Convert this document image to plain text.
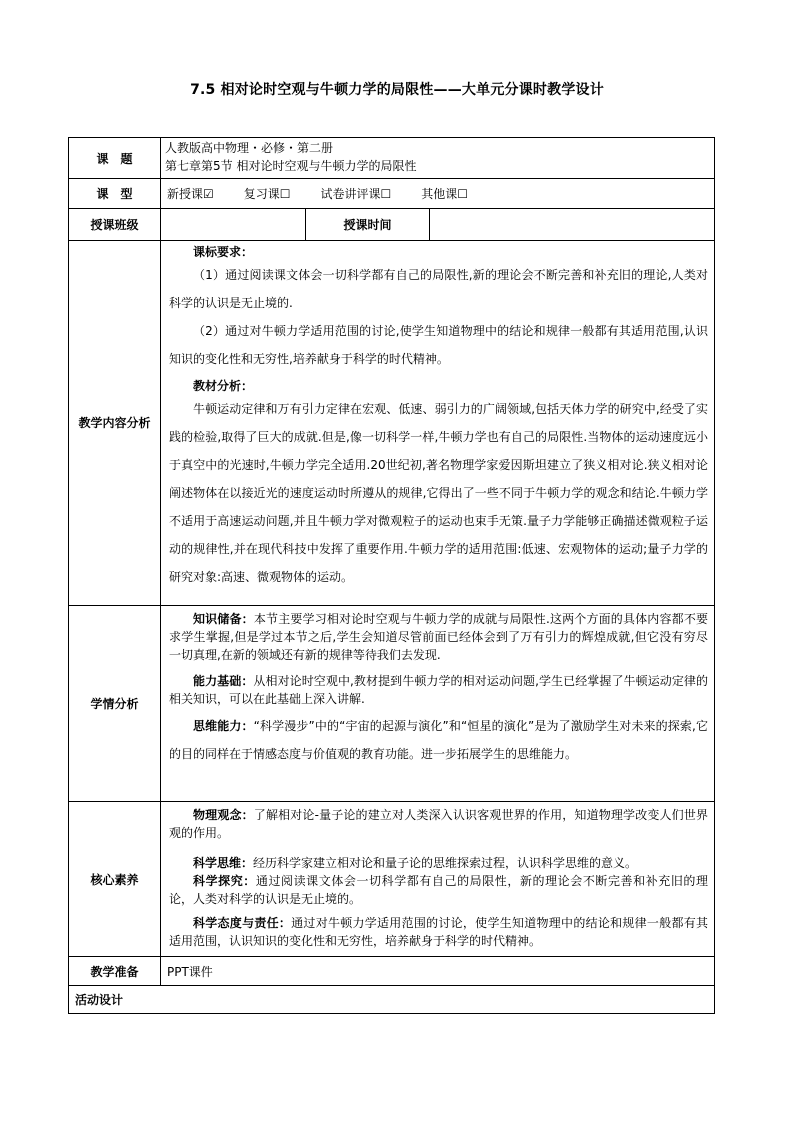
7.5 相对论时空观与牛顿力学的局限性——大单元分课时教学设计
课　题	人教版高中物理・必修・第二册
第七章第5节 相对论时空观与牛顿力学的局限性		

课　型	新授课☑ 复习课☐ 试卷讲评课☐ 其他课☐		
授课班级		授课时间	
教学内容分析	课标要求：

（1）通过阅读课文体会一切科学都有自己的局限性,新的理论会不断完善和补充旧的理论,人类对科学的认识是无止境的.

（2）通过对牛顿力学适用范围的讨论,使学生知道物理中的结论和规律一般都有其适用范围,认识知识的变化性和无穷性,培养献身于科学的时代精神。

教材分析：

牛顿运动定律和万有引力定律在宏观、低速、弱引力的广阔领域,包括天体力学的研究中,经受了实践的检验,取得了巨大的成就.但是,像一切科学一样,牛顿力学也有自己的局限性.当物体的运动速度远小于真空中的光速时,牛顿力学完全适用.20世纪初,著名物理学家爱因斯坦建立了狭义相对论.狭义相对论阐述物体在以接近光的速度运动时所遵从的规律,它得出了一些不同于牛顿力学的观念和结论.牛顿力学不适用于高速运动问题,并且牛顿力学对微观粒子的运动也束手无策.量子力学能够正确描述微观粒子运动的规律性,并在现代科技中发挥了重要作用.牛顿力学的适用范围:低速、宏观物体的运动;量子力学的研究对象:高速、微观物体的运动。		

学情分析	知识储备：本节主要学习相对论时空观与牛顿力学的成就与局限性.这两个方面的具体内容都不要求学生掌握,但是学过本节之后,学生会知道尽管前面已经体会到了万有引力的辉煌成就,但它没有穷尽一切真理,在新的领域还有新的规律等待我们去发现.

能力基础：从相对论时空观中,教材提到牛顿力学的相对运动问题,学生已经掌握了牛顿运动定律的相关知识，可以在此基础上深入讲解.

思维能力：“科学漫步”中的“宇宙的起源与演化”和“恒星的演化”是为了激励学生对未来的探索,它的目的同样在于情感态度与价值观的教育功能。进一步拓展学生的思维能力。		

核心素养	物理观念：了解相对论-量子论的建立对人类深入认识客观世界的作用，知道物理学改变人们世界观的作用。

科学思维：经历科学家建立相对论和量子论的思维探索过程，认识科学思维的意义。

科学探究：通过阅读课文体会一切科学都有自己的局限性，新的理论会不断完善和补充旧的理论，人类对科学的认识是无止境的。

科学态度与责任：通过对牛顿力学适用范围的讨论，使学生知道物理中的结论和规律一般都有其适用范围，认识知识的变化性和无穷性，培养献身于科学的时代精神。		

教学准备	PPT课件		
活动设计			
